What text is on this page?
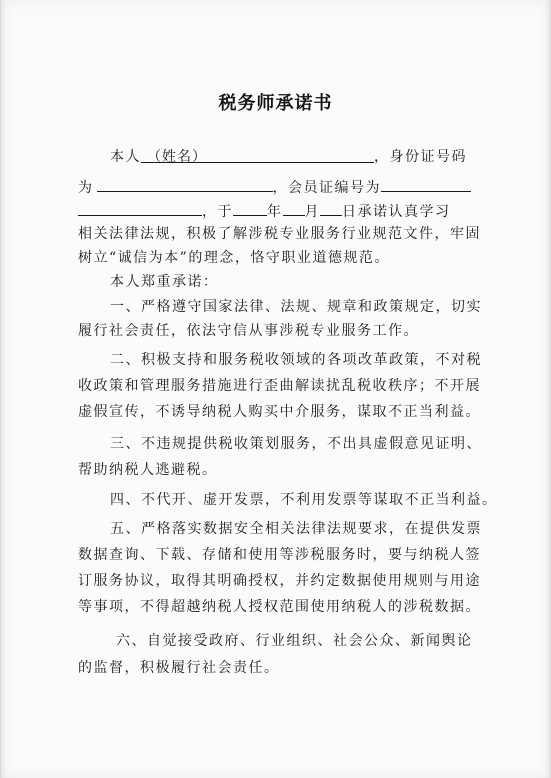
税务师承诺书
本人 （姓名）	，身份证号码
为	，会员证编号为
，于 年 月 日承诺认真学习
相关法律法规，积极了解涉税专业服务行业规范文件，牢固
树立“诚信为本”的理念，恪守职业道德规范。
本人郑重承诺：
一、严格遵守国家法律、法规、规章和政策规定，切实
履行社会责任，依法守信从事涉税专业服务工作。
二、积极支持和服务税收领域的各项改革政策，不对税
收政策和管理服务措施进行歪曲解读扰乱税收秩序；不开展
虚假宣传，不诱导纳税人购买中介服务，谋取不正当利益。
三、不违规提供税收策划服务，不出具虚假意见证明、
帮助纳税人逃避税。
四、不代开、虚开发票，不利用发票等谋取不正当利益。
五、严格落实数据安全相关法律法规要求，在提供发票
数据查询、下载、存储和使用等涉税服务时，要与纳税人签
订服务协议，取得其明确授权，并约定数据使用规则与用途
等事项，不得超越纳税人授权范围使用纳税人的涉税数据。
六、自觉接受政府、行业组织、社会公众、新闻舆论
的监督，积极履行社会责任。
